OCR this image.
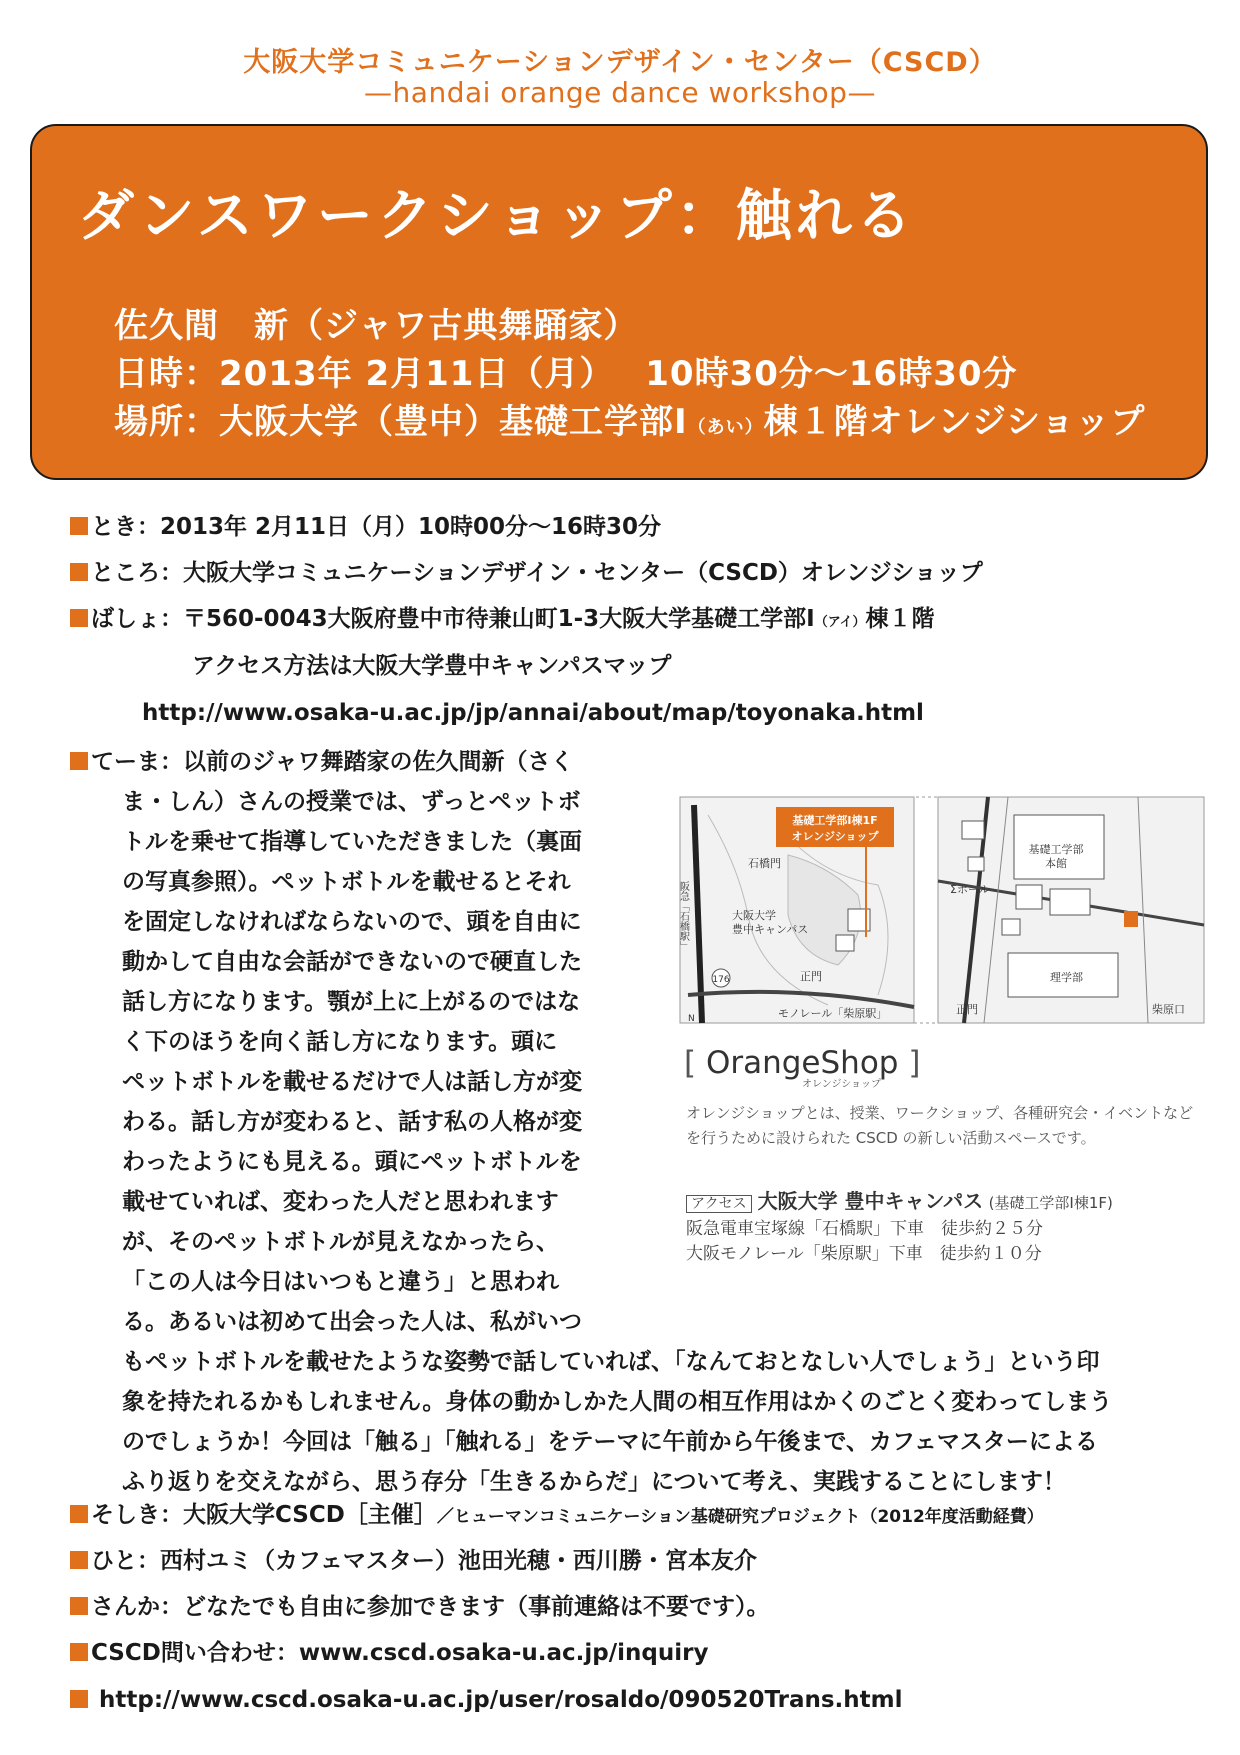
大阪大学コミュニケーションデザイン・センター（CSCD）
—handai orange dance workshop—
ダンスワークショップ：触れる
佐久間　新（ジャワ古典舞踊家）
日時：2013年 2月11日（月）　 10時30分～16時30分
場所：大阪大学（豊中）基礎工学部Ⅰ（あい）棟１階オレンジショップ
とき：2013年 2月11日（月）10時00分～16時30分
ところ：大阪大学コミュニケーションデザイン・センター（CSCD）オレンジショップ
ばしょ：〒560-0043大阪府豊中市待兼山町1-3大阪大学基礎工学部Ⅰ（アイ）棟１階
アクセス方法は大阪大学豊中キャンパスマップ
http://www.osaka-u.ac.jp/jp/annai/about/map/toyonaka.html
てーま：以前のジャワ舞踏家の佐久間新（さく
ま・しん）さんの授業では、ずっとペットボ
トルを乗せて指導していただきました（裏面
の写真参照）。ペットボトルを載せるとそれ
を固定しなければならないので、頭を自由に
動かして自由な会話ができないので硬直した
話し方になります。顎が上に上がるのではな
く下のほうを向く話し方になります。頭に
ペットボトルを載せるだけで人は話し方が変
わる。話し方が変わると、話す私の人格が変
わったようにも見える。頭にペットボトルを
載せていれば、変わった人だと思われます
が、そのペットボトルが見えなかったら、
「この人は今日はいつもと違う」と思われ
る。あるいは初めて出会った人は、私がいつ
もペットボトルを載せたような姿勢で話していれば、「なんておとなしい人でしょう」という印
象を持たれるかもしれません。身体の動かしかた人間の相互作用はかくのごとく変わってしまう
のでしょうか！今回は「触る」「触れる」をテーマに午前から午後まで、カフェマスターによる
ふり返りを交えながら、思う存分「生きるからだ」について考え、実践することにします！
基礎工学部Ⅰ棟1F
オレンジショップ
石橋門
大阪大学
豊中キャンパス
阪急「石橋駅」
176	正門
モノレール「柴原駅」
N
Σホール
基礎工学部
本館
理学部
正門	柴原口
[ OrangeShop ]
オレンジショップ
オレンジショップとは、授業、ワークショップ、各種研究会・イベントなどを行うために設けられた CSCD の新しい活動スペースです。
アクセス 大阪大学 豊中キャンパス (基礎工学部Ⅰ棟1F)
阪急電車宝塚線「石橋駅」下車　徒歩約２５分
大阪モノレール「柴原駅」下車　徒歩約１０分
そしき：大阪大学CSCD［主催］／ヒューマンコミュニケーション基礎研究プロジェクト（2012年度活動経費）
ひと：西村ユミ（カフェマスター）池田光穂・西川勝・宮本友介
さんか：どなたでも自由に参加できます（事前連絡は不要です）。
CSCD問い合わせ：www.cscd.osaka-u.ac.jp/inquiry
http://www.cscd.osaka-u.ac.jp/user/rosaldo/090520Trans.html
